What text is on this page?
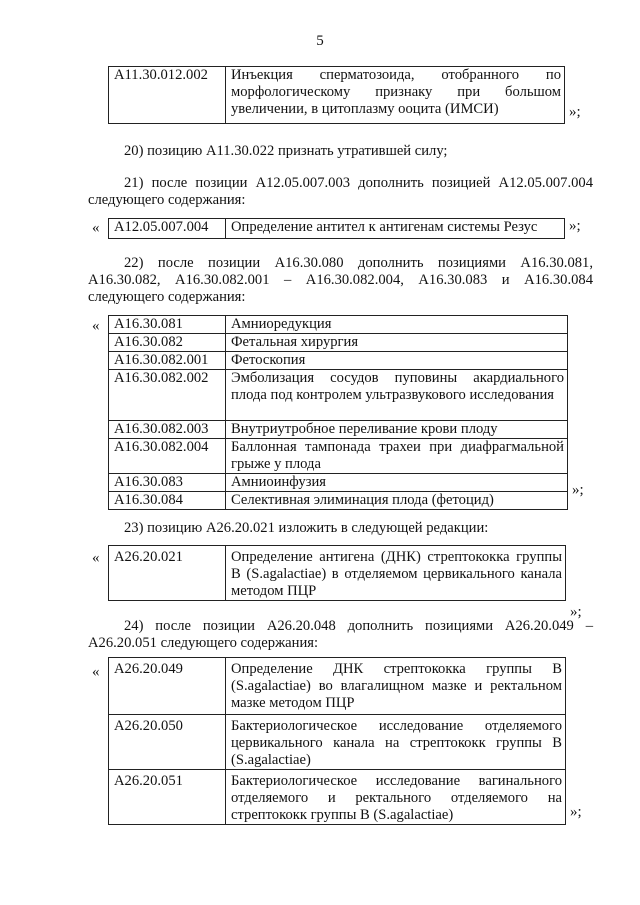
5
А11.30.012.002	Инъекция сперматозоида, отобранного по морфологическому признаку при большом увеличении, в цитоплазму ооцита (ИМСИ)	»;
20) позицию А11.30.022 признать утратившей силу;
21) после позиции А12.05.007.003 дополнить позицией А12.05.007.004
следующего содержания:
« А12.05.007.004	Определение антител к антигенам системы Резус »;
22) после позиции А16.30.080 дополнить позициями А16.30.081,
А16.30.082, А16.30.082.001 – А16.30.082.004, А16.30.083 и А16.30.084
следующего содержания:
« А16.30.081	Амниоредукция
А16.30.082	Фетальная хирургия
А16.30.082.001	Фетоскопия
А16.30.082.002	Эмболизация сосудов пуповины акардиального плода под контролем ультразвукового исследования
А16.30.082.003	Внутриутробное переливание крови плоду
А16.30.082.004	Баллонная тампонада трахеи при диафрагмальной грыже у плода
А16.30.083	Амниоинфузия
А16.30.084	Селективная элиминация плода (фетоцид)
»;
23) позицию А26.20.021 изложить в следующей редакции:
« А26.20.021	Определение антигена (ДНК) стрептококка группы В (S.agalactiae) в отделяемом цервикального канала методом ПЦР
»;
24) после позиции А26.20.048 дополнить позициями А26.20.049 –
А26.20.051 следующего содержания:
« А26.20.049	Определение ДНК стрептококка группы В (S.agalactiae) во влагалищном мазке и ректальном мазке методом ПЦР
А26.20.050	Бактериологическое исследование отделяемого цервикального канала на стрептококк группы В (S.agalactiae)
А26.20.051	Бактериологическое исследование вагинального отделяемого и ректального отделяемого на стрептококк группы В (S.agalactiae)	»;
